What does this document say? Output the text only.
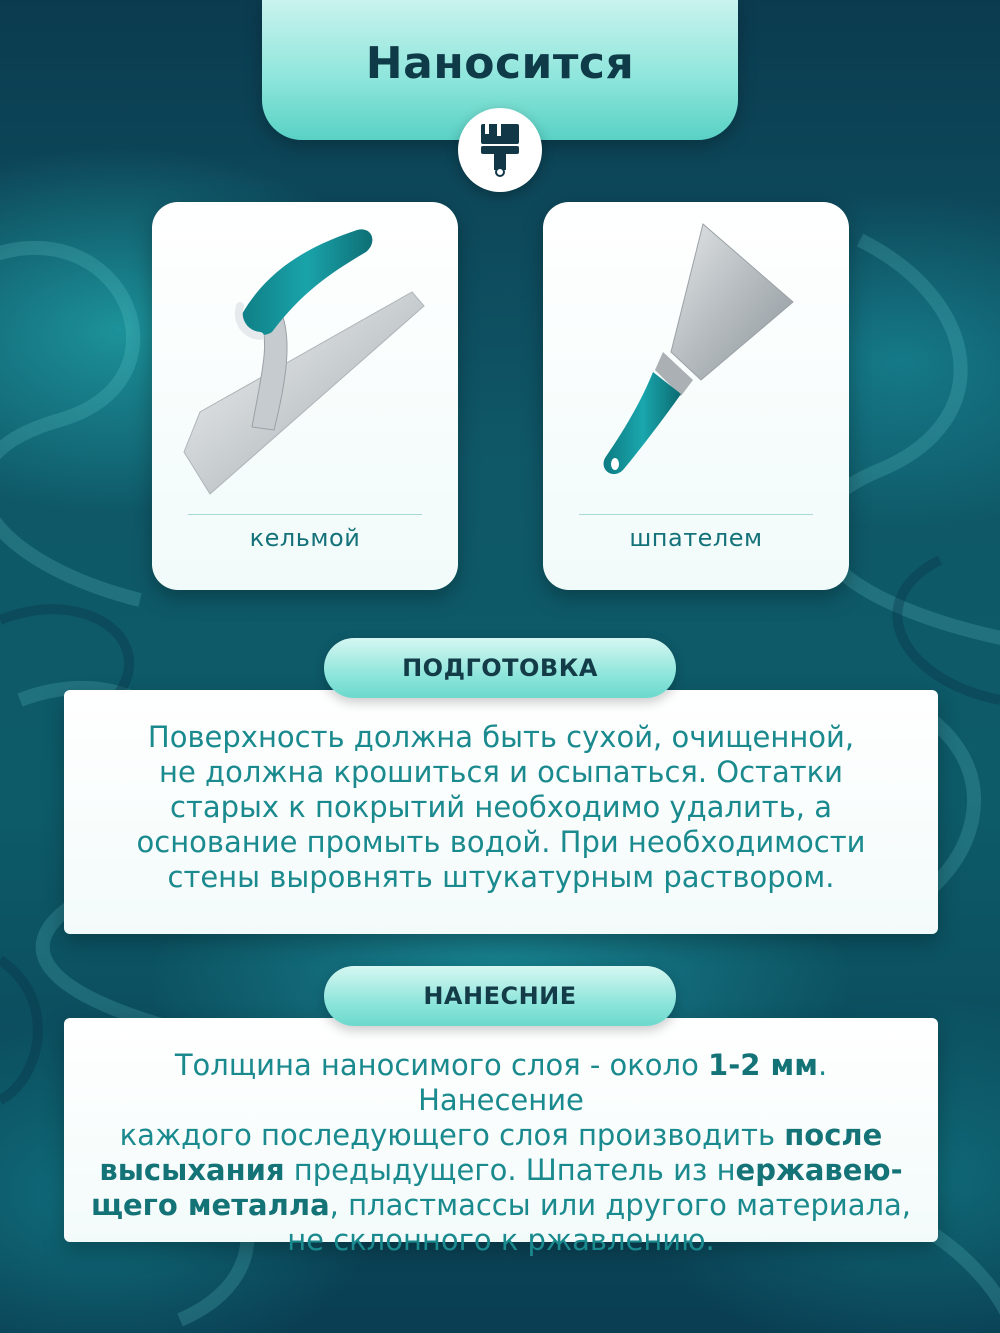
Наносится
кельмой	шпателем
ПОДГОТОВКА

Поверхность должна быть сухой, очищенной,

не должна крошиться и осыпаться. Остатки

старых к покрытий необходимо удалить, а

основание промыть водой. При необходимости

стены выровнять штукатурным раствором.

НАНЕСНИЕ

Толщина наносимого слоя - около 1-2 мм. Нанесение

каждого последующего слоя производить после

высыхания предыдущего. Шпатель из нержавею-

щего металла, пластмассы или другого материала,

не склонного к ржавлению.
